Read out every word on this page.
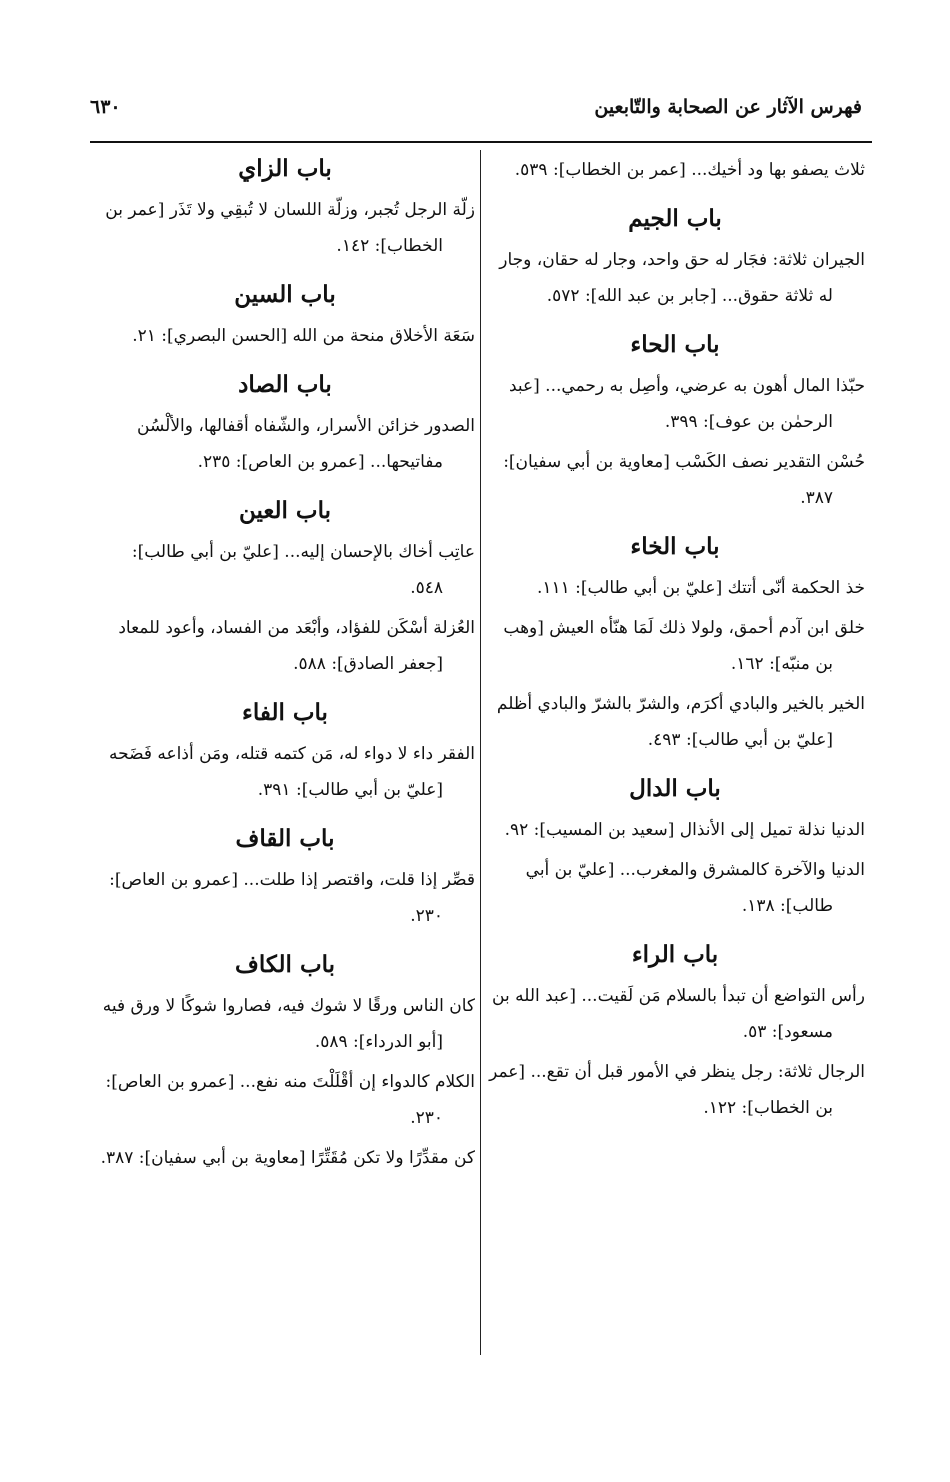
فهرس الآثار عن الصحابة والتّابعين
٦٣٠
ثلاث يصفو بها ود أخيك... [عمر بن الخطاب]: ٥٣٩.
باب الجيم
الجيران ثلاثة: فجَار له حق واحد، وجار له حقان، وجار له ثلاثة حقوق... [جابر بن عبد الله]: ٥٧٢.
باب الحاء
حبّذا المال أهون به عرضي، وأصِل به رحمي... [عبد الرحمٰن بن عوف]: ٣٩٩.
حُسْن التقدير نصف الكَسْب [معاوية بن أبي سفيان]: ٣٨٧.
باب الخاء
خذ الحكمة أنّى أتتك [عليّ بن أبي طالب]: ١١١.
خلق ابن آدم أحمق، ولولا ذلك لَمَا هنّأه العيش [وهب بن منبّه]: ١٦٢.
الخير بالخير والبادي أكرَم، والشرّ بالشرّ والبادي أظلم [عليّ بن أبي طالب]: ٤٩٣.
باب الدال
الدنيا نذلة تميل إلى الأنذال [سعيد بن المسيب]: ٩٢.
الدنيا والآخرة كالمشرق والمغرب... [عليّ بن أبي طالب]: ١٣٨.
باب الراء
رأس التواضع أن تبدأ بالسلام مَن لَقيت... [عبد الله بن مسعود]: ٥٣.
الرجال ثلاثة: رجل ينظر في الأمور قبل أن تقع... [عمر بن الخطاب]: ١٢٢.
باب الزاي
زلّة الرجل تُجبر، وزلّة اللسان لا تُبقِي ولا تَذَر [عمر بن الخطاب]: ١٤٢.
باب السين
سَعَة الأخلاق منحة من الله [الحسن البصري]: ٢١.
باب الصاد
الصدور خزائن الأسرار، والشّفاه أقفالها، والألْسُن مفاتيحها... [عمرو بن العاص]: ٢٣٥.
باب العين
عاتِب أخاك بالإحسان إليه... [عليّ بن أبي طالب]: ٥٤٨.
العُزلة أسْكَن للفؤاد، وأبْعَد من الفساد، وأعود للمعاد [جعفر الصادق]: ٥٨٨.
باب الفاء
الفقر داء لا دواء له، مَن كتمه قتله، ومَن أذاعه فَضَحه [عليّ بن أبي طالب]: ٣٩١.
باب القاف
قصِّر إذا قلت، واقتصر إذا طلت... [عمرو بن العاص]: ٢٣٠.
باب الكاف
كان الناس ورقًا لا شوك فيه، فصاروا شوكًا لا ورق فيه [أبو الدرداء]: ٥٨٩.
الكلام كالدواء إن أقْلَلْتَ منه نفع... [عمرو بن العاص]: ٢٣٠.
كن مقدِّرًا ولا تكن مُقَتِّرًا [معاوية بن أبي سفيان]: ٣٨٧.
